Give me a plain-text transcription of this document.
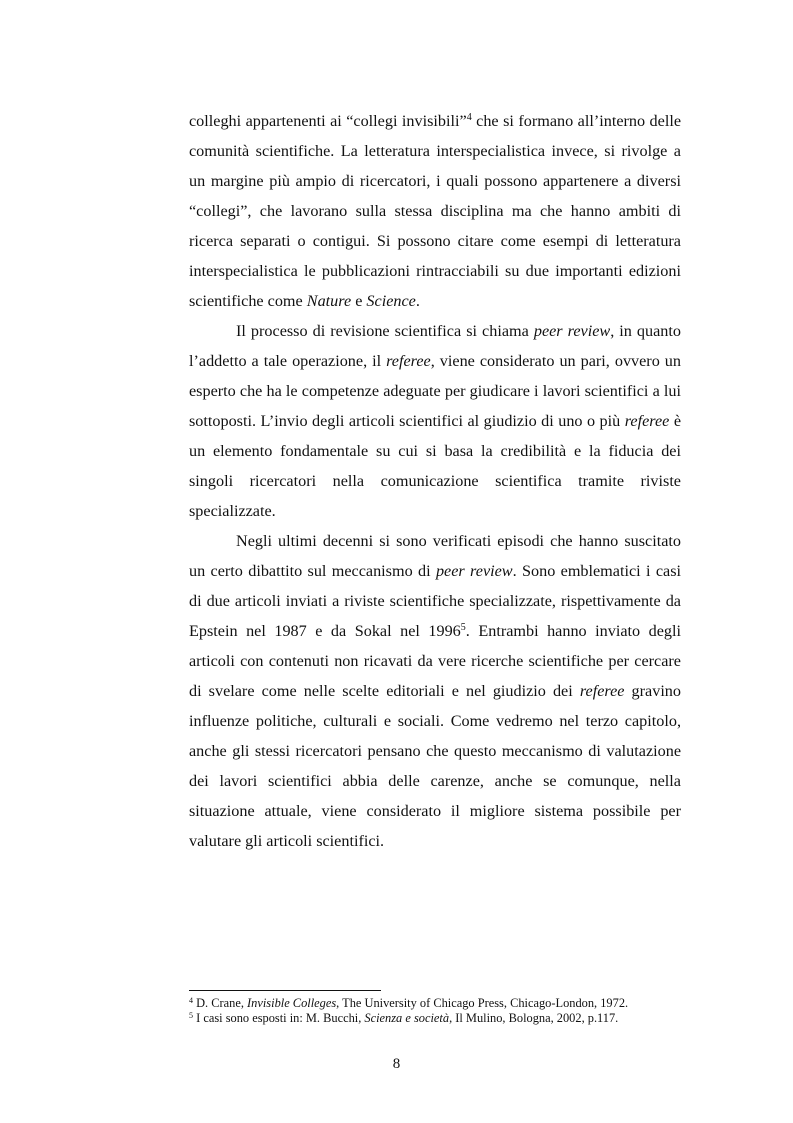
colleghi appartenenti ai “collegi invisibili”$^4$ che si formano all’interno delle comunità scientifiche. La letteratura interspecialistica invece, si rivolge a un margine più ampio di ricercatori, i quali possono appartenere a diversi “collegi”, che lavorano sulla stessa disciplina ma che hanno ambiti di ricerca separati o contigui. Si possono citare come esempi di letteratura interspecialistica le pubblicazioni rintracciabili su due importanti edizioni scientifiche come Nature e Science.

Il processo di revisione scientifica si chiama peer review, in quanto l’addetto a tale operazione, il referee, viene considerato un pari, ovvero un esperto che ha le competenze adeguate per giudicare i lavori scientifici a lui sottoposti. L’invio degli articoli scientifici al giudizio di uno o più referee è un elemento fondamentale su cui si basa la credibilità e la fiducia dei singoli ricercatori nella comunicazione scientifica tramite riviste specializzate.

Negli ultimi decenni si sono verificati episodi che hanno suscitato un certo dibattito sul meccanismo di peer review. Sono emblematici i casi di due articoli inviati a riviste scientifiche specializzate, rispettivamente da Epstein nel 1987 e da Sokal nel 1996$^5$. Entrambi hanno inviato degli articoli con contenuti non ricavati da vere ricerche scientifiche per cercare di svelare come nelle scelte editoriali e nel giudizio dei referee gravino influenze politiche, culturali e sociali. Come vedremo nel terzo capitolo, anche gli stessi ricercatori pensano che questo meccanismo di valutazione dei lavori scientifici abbia delle carenze, anche se comunque, nella situazione attuale, viene considerato il migliore sistema possibile per valutare gli articoli scientifici.

$^4$ D. Crane, Invisible Colleges, The University of Chicago Press, Chicago-London, 1972.
$^5$ I casi sono esposti in: M. Bucchi, Scienza e società, Il Mulino, Bologna, 2002, p.117.
8
